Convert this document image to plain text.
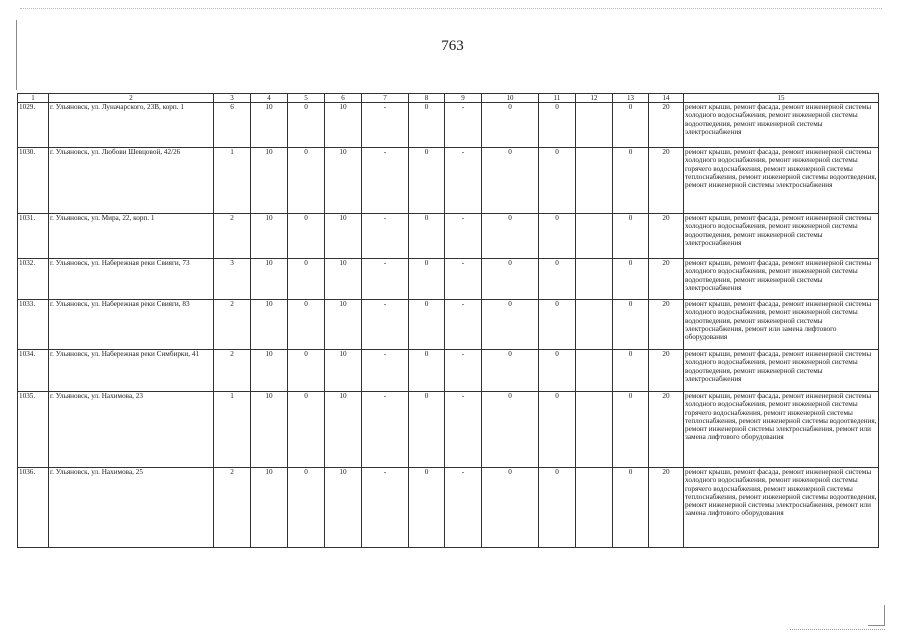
763
1	2	3	4	5	6	7	8	9	10	11	12	13	14	15
1029.	г. Ульяновск, ул. Луначарского, 23В, корп. 1	6	10	0	10	-	0	-	0	0		0	20	ремонт крыши, ремонт фасада, ремонт инженерной системы холодного водоснабжения, ремонт инженерной системы водоотведения, ремонт инженерной системы электроснабжения
1030.	г. Ульяновск, ул. Любови Шевцовой, 42/26	1	10	0	10	-	0	-	0	0		0	20	ремонт крыши, ремонт фасада, ремонт инженерной системы холодного водоснабжения, ремонт инженерной системы горячего водоснабжения, ремонт инженерной системы теплоснабжения, ремонт инженерной системы водоотведения, ремонт инженерной системы электроснабжения
1031.	г. Ульяновск, ул. Мира, 22, корп. 1	2	10	0	10	-	0	-	0	0		0	20	ремонт крыши, ремонт фасада, ремонт инженерной системы холодного водоснабжения, ремонт инженерной системы водоотведения, ремонт инженерной системы электроснабжения
1032.	г. Ульяновск, ул. Набережная реки Свияги, 73	3	10	0	10	-	0	-	0	0		0	20	ремонт крыши, ремонт фасада, ремонт инженерной системы холодного водоснабжения, ремонт инженерной системы водоотведения, ремонт инженерной системы электроснабжения
1033.	г. Ульяновск, ул. Набережная реки Свияги, 83	2	10	0	10	-	0	-	0	0		0	20	ремонт крыши, ремонт фасада, ремонт инженерной системы холодного водоснабжения, ремонт инженерной системы водоотведения, ремонт инженерной системы электроснабжения, ремонт или замена лифтового оборудования
1034.	г. Ульяновск, ул. Набережная реки Симбирки, 41	2	10	0	10	-	0	-	0	0		0	20	ремонт крыши, ремонт фасада, ремонт инженерной системы холодного водоснабжения, ремонт инженерной системы водоотведения, ремонт инженерной системы электроснабжения
1035.	г. Ульяновск, ул. Нахимова, 23	1	10	0	10	-	0	-	0	0		0	20	ремонт крыши, ремонт фасада, ремонт инженерной системы холодного водоснабжения, ремонт инженерной системы горячего водоснабжения, ремонт инженерной системы теплоснабжения, ремонт инженерной системы водоотведения, ремонт инженерной системы электроснабжения, ремонт или замена лифтового оборудования
1036.	г. Ульяновск, ул. Нахимова, 25	2	10	0	10	-	0	-	0	0		0	20	ремонт крыши, ремонт фасада, ремонт инженерной системы холодного водоснабжения, ремонт инженерной системы горячего водоснабжения, ремонт инженерной системы теплоснабжения, ремонт инженерной системы водоотведения, ремонт инженерной системы электроснабжения, ремонт или замена лифтового оборудования
